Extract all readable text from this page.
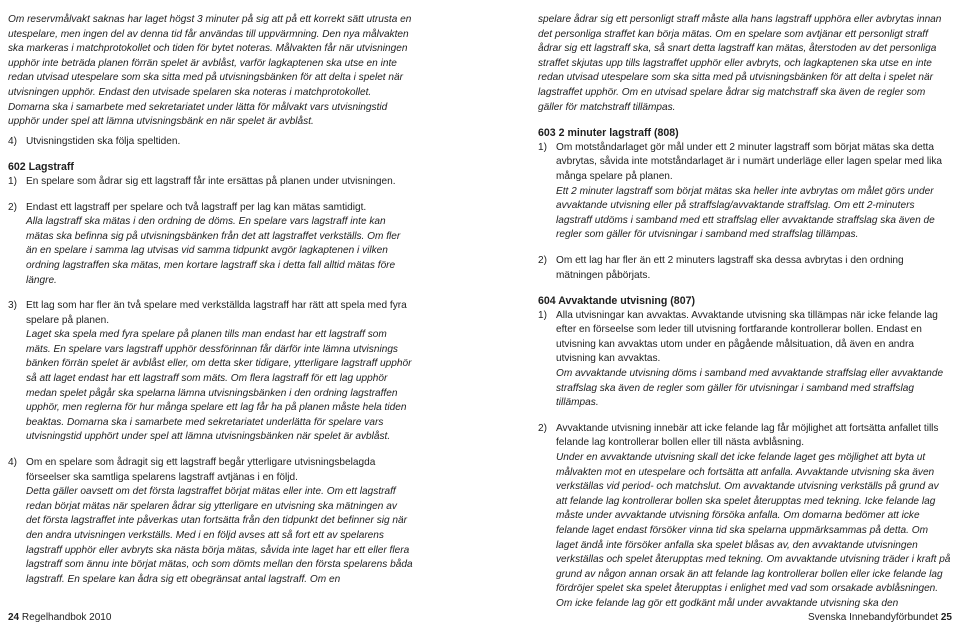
Om reservmålvakt saknas har laget högst 3 minuter på sig att på ett korrekt sätt utrusta en utespelare, men ingen del av denna tid får användas till uppvärmning. Den nya målvakten ska markeras i matchprotokollet och tiden för bytet noteras. Målvakten får när utvisningen upphör inte beträda planen förrän spelet är avblåst, varför lagkaptenen ska utse en inte redan utvisad utespelare som ska sitta med på utvisningsbänken för att delta i spelet när utvisningen upphör. Endast den utvisade spelaren ska noteras i matchprotokollet. Domarna ska i samarbete med sekretariatet under lätta för målvakt vars utvisningstid upphör under spel att lämna utvisningsbänk en när spelet är avblåst.
4) Utvisningstiden ska följa speltiden.
602 Lagstraff
1) En spelare som ådrar sig ett lagstraff får inte ersättas på planen under utvisningen.
2) Endast ett lagstraff per spelare och två lagstraff per lag kan mätas samtidigt.
Alla lagstraff ska mätas i den ordning de döms. En spelare vars lagstraff inte kan mätas ska befinna sig på utvisningsbänken från det att lagstraffet verkställs. Om fler än en spelare i samma lag utvisas vid samma tidpunkt avgör lagkaptenen i vilken ordning lagstraffen ska mätas, men kortare lagstraff ska i detta fall alltid mätas före längre.
3) Ett lag som har fler än två spelare med verkställda lagstraff har rätt att spela med fyra spelare på planen.
Laget ska spela med fyra spelare på planen tills man endast har ett lagstraff som mäts. En spelare vars lagstraff upphör dessförinnan får därför inte lämna utvisnings bänken förrän spelet är avblåst eller, om detta sker tidigare, ytterligare lagstraff upphör så att laget endast har ett lagstraff som mäts. Om flera lagstraff för ett lag upphör medan spelet pågår ska spelarna lämna utvisningsbänken i den ordning lagstraffen upphör, men reglerna för hur många spelare ett lag får ha på planen måste hela tiden beaktas. Domarna ska i samarbete med sekretariatet underlätta för spelare vars utvisningstid upphört under spel att lämna utvisningsbänken när spelet är avblåst.
4) Om en spelare som ådragit sig ett lagstraff begår ytterligare utvisningsbelagda förseelser ska samtliga spelarens lagstraff avtjänas i en följd.
Detta gäller oavsett om det första lagstraffet börjat mätas eller inte. Om ett lagstraff redan börjat mätas när spelaren ådrar sig ytterligare en utvisning ska mätningen av det första lagstraffet inte påverkas utan fortsätta från den tidpunkt det befinner sig när den andra utvisningen verkställs. Med i en följd avses att så fort ett av spelarens lagstraff upphör eller avbryts ska nästa börja mätas, såvida inte laget har ett eller flera lagstraff som ännu inte börjat mätas, och som dömts mellan den första spelarens båda lagstraff. En spelare kan ådra sig ett obegränsat antal lagstraff. Om en
spelare ådrar sig ett personligt straff måste alla hans lagstraff upphöra eller avbrytas innan det personliga straffet kan börja mätas. Om en spelare som avtjänar ett personligt straff ådrar sig ett lagstraff ska, så snart detta lagstraff kan mätas, återstoden av det personliga straffet skjutas upp tills lagstraffet upphör eller avbryts, och lagkaptenen ska utse en inte redan utvisad utespelare som ska sitta med på utvisningsbänken för att delta i spelet när lagstraffet upphör. Om en utvisad spelare ådrar sig matchstraff ska även de regler som gäller för matchstraff tillämpas.
603 2 minuter lagstraff (808)
1) Om motståndarlaget gör mål under ett 2 minuter lagstraff som börjat mätas ska detta avbrytas, såvida inte motståndarlaget är i numärt underläge eller lagen spelar med lika många spelare på planen.
Ett 2 minuter lagstraff som börjat mätas ska heller inte avbrytas om målet görs under avvaktande utvisning eller på straffslag/avvaktande straffslag. Om ett 2-minuters lagstraff utdöms i samband med ett straffslag eller avvaktande straffslag ska även de regler som gäller för utvisningar i samband med straffslag tillämpas.
2) Om ett lag har fler än ett 2 minuters lagstraff ska dessa avbrytas i den ordning mätningen påbörjats.
604 Avvaktande utvisning (807)
1) Alla utvisningar kan avvaktas. Avvaktande utvisning ska tillämpas när icke felande lag efter en förseelse som leder till utvisning fortfarande kontrollerar bollen. Endast en utvisning kan avvaktas utom under en pågående målsituation, då även en andra utvisning kan avvaktas.
Om avvaktande utvisning döms i samband med avvaktande straffslag eller avvaktande straffslag ska även de regler som gäller för utvisningar i samband med straffslag tillämpas.
2) Avvaktande utvisning innebär att icke felande lag får möjlighet att fortsätta anfallet tills felande lag kontrollerar bollen eller till nästa avblåsning.
Under en avvaktande utvisning skall det icke felande laget ges möjlighet att byta ut målvakten mot en utespelare och fortsätta att anfalla. Avvaktande utvisning ska även verkställas vid period- och matchslut. Om avvaktande utvisning verkställs på grund av att felande lag kontrollerar bollen ska spelet återupptas med tekning. Icke felande lag måste under avvaktande utvisning försöka anfalla. Om domarna bedömer att icke felande laget endast försöker vinna tid ska spelarna uppmärksammas på detta. Om laget ändå inte försöker anfalla ska spelet blåsas av, den avvaktande utvisningen verkställas och spelet återupptas med tekning. Om avvaktande utvisning träder i kraft på grund av någon annan orsak än att felande lag kontrollerar bollen eller icke felande lag fördröjer spelet ska spelet återupptas i enlighet med vad som orsakade avblåsningen. Om icke felande lag gör ett godkänt mål under avvaktande utvisning ska den
24 Regelhandbok 2010	Svenska Innebandyförbundet 25
